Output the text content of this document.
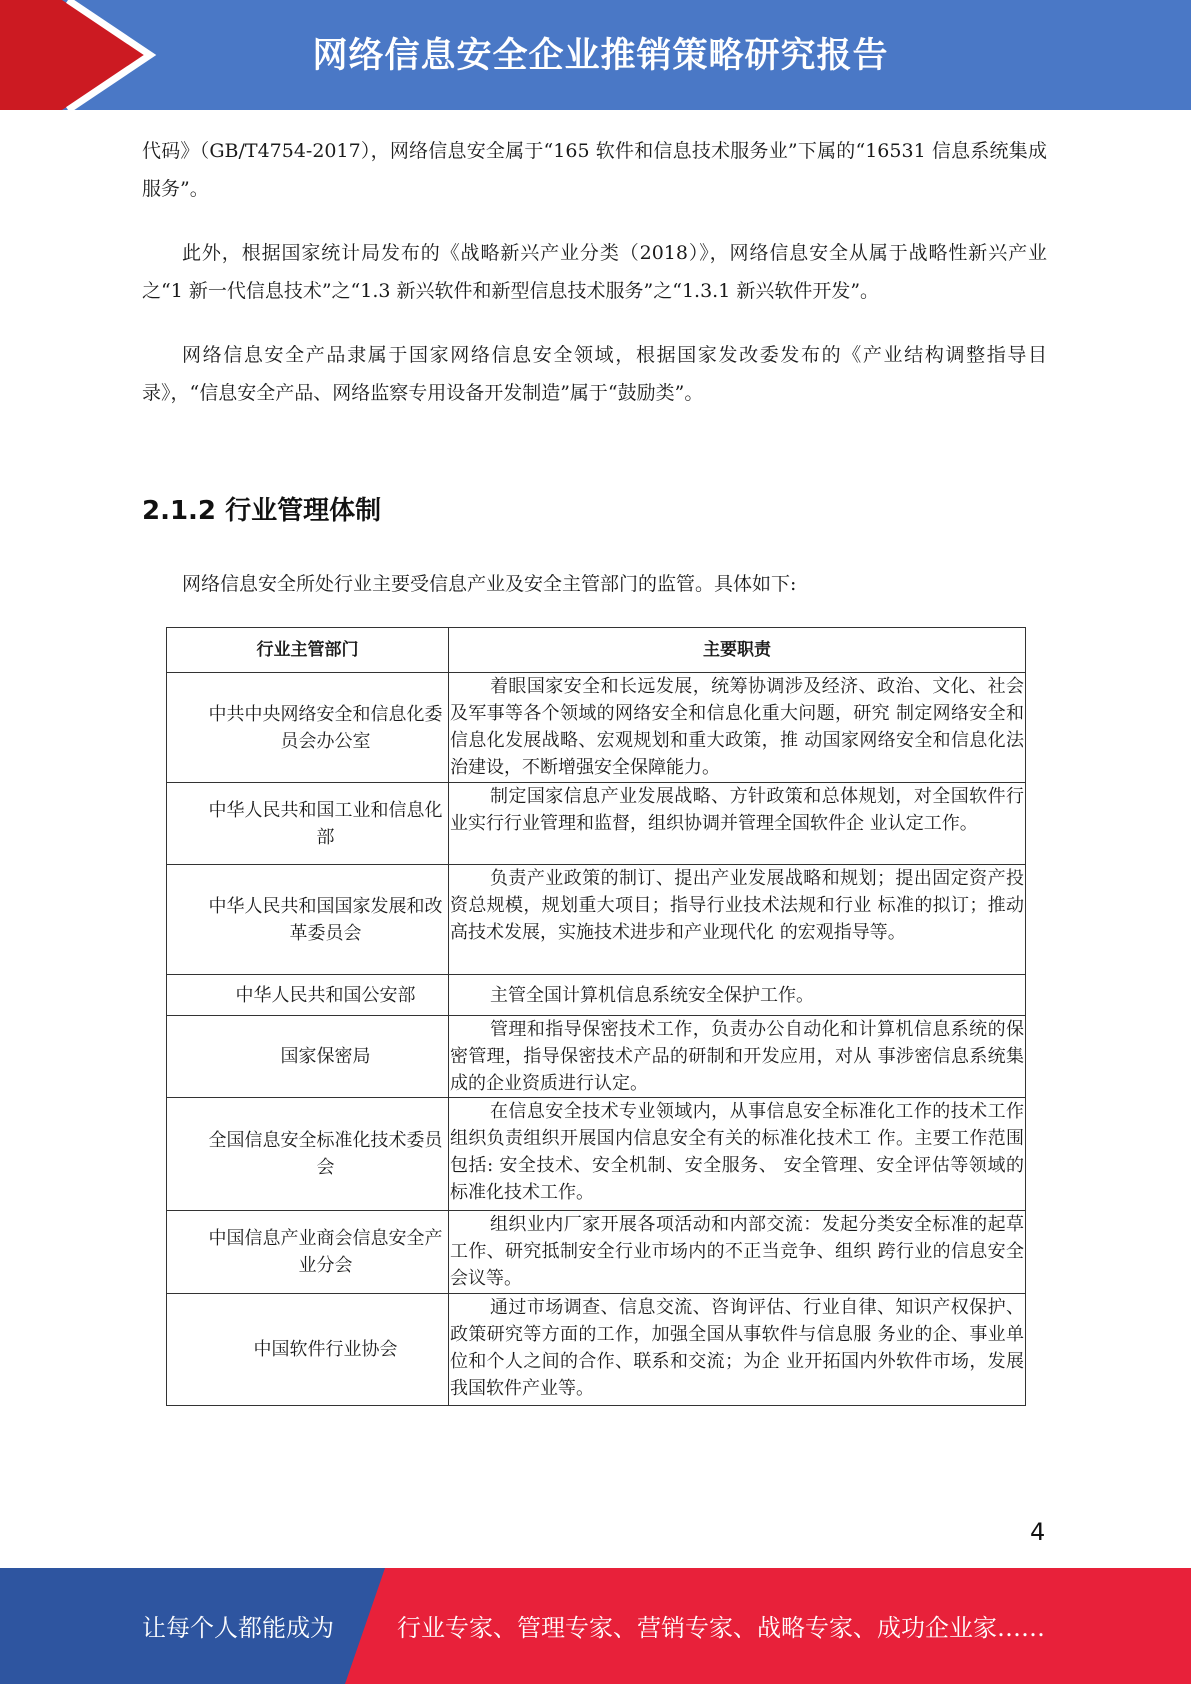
网络信息安全企业推销策略研究报告

代码》（GB/T4754-2017），网络信息安全属于“165 软件和信息技术服务业”下属的“16531 信息系统集成服务”。

此外，根据国家统计局发布的《战略新兴产业分类（2018）》，网络信息安全从属于战略性新兴产业之“1 新一代信息技术”之“1.3 新兴软件和新型信息技术服务”之“1.3.1 新兴软件开发”。

网络信息安全产品隶属于国家网络信息安全领域，根据国家发改委发布的《产业结构调整指导目录》，“信息安全产品、网络监察专用设备开发制造”属于“鼓励类”。

2.1.2 行业管理体制

网络信息安全所处行业主要受信息产业及安全主管部门的监管。具体如下:

行业主管部门	主要职责
中共中央网络安全和信息化委员会办公室	着眼国家安全和长远发展，统筹协调涉及经济、政治、文化、社会及军事等各个领域的网络安全和信息化重大问题，研究 制定网络安全和信息化发展战略、宏观规划和重大政策，推 动国家网络安全和信息化法治建设，不断增强安全保障能力。
中华人民共和国工业和信息化部	制定国家信息产业发展战略、方针政策和总体规划，对全国软件行业实行行业管理和监督，组织协调并管理全国软件企 业认定工作。
中华人民共和国国家发展和改革委员会	负责产业政策的制订、提出产业发展战略和规划；提出固定资产投资总规模，规划重大项目；指导行业技术法规和行业 标准的拟订；推动高技术发展，实施技术进步和产业现代化 的宏观指导等。
中华人民共和国公安部	主管全国计算机信息系统安全保护工作。
国家保密局	管理和指导保密技术工作，负责办公自动化和计算机信息系统的保密管理，指导保密技术产品的研制和开发应用，对从 事涉密信息系统集成的企业资质进行认定。
全国信息安全标准化技术委员会	在信息安全技术专业领域内，从事信息安全标准化工作的技术工作组织负责组织开展国内信息安全有关的标准化技术工 作。主要工作范围包括: 安全技术、安全机制、安全服务、 安全管理、安全评估等领域的标准化技术工作。
中国信息产业商会信息安全产业分会	组织业内厂家开展各项活动和内部交流：发起分类安全标准的起草工作、研究抵制安全行业市场内的不正当竞争、组织 跨行业的信息安全会议等。
中国软件行业协会	通过市场调查、信息交流、咨询评估、行业自律、知识产权保护、政策研究等方面的工作，加强全国从事软件与信息服 务业的企、事业单位和个人之间的合作、联系和交流；为企 业开拓国内外软件市场，发展我国软件产业等。
4
让每个人都能成为	行业专家、管理专家、营销专家、战略专家、成功企业家……
